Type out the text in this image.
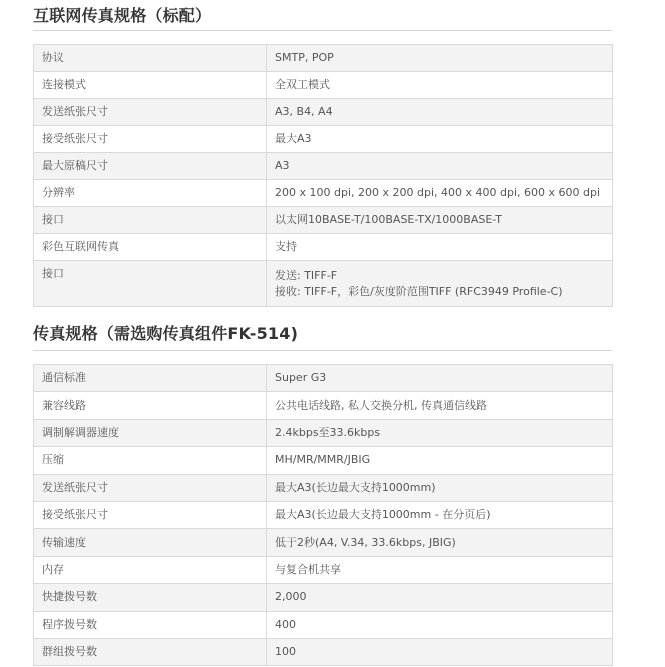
互联网传真规格（标配）
协议	SMTP, POP
连接模式	全双工模式
发送纸张尺寸	A3, B4, A4
接受纸张尺寸	最大A3
最大原稿尺寸	A3
分辨率	200 x 100 dpi, 200 x 200 dpi, 400 x 400 dpi, 600 x 600 dpi
接口	以太网10BASE-T/100BASE-TX/1000BASE-T
彩色互联网传真	支持
接口	发送: TIFF-F
接收: TIFF-F，彩色/灰度阶范围TIFF (RFC3949 Profile-C)
传真规格（需选购传真组件FK-514)
通信标准	Super G3
兼容线路	公共电话线路, 私人交换分机, 传真通信线路
调制解调器速度	2.4kbps至33.6kbps
压缩	MH/MR/MMR/JBIG
发送纸张尺寸	最大A3(长边最大支持1000mm)
接受纸张尺寸	最大A3(长边最大支持1000mm - 在分页后)
传输速度	低于2秒(A4, V.34, 33.6kbps, JBIG)
内存	与复合机共享
快捷拨号数	2,000
程序拨号数	400
群组拨号数	100
